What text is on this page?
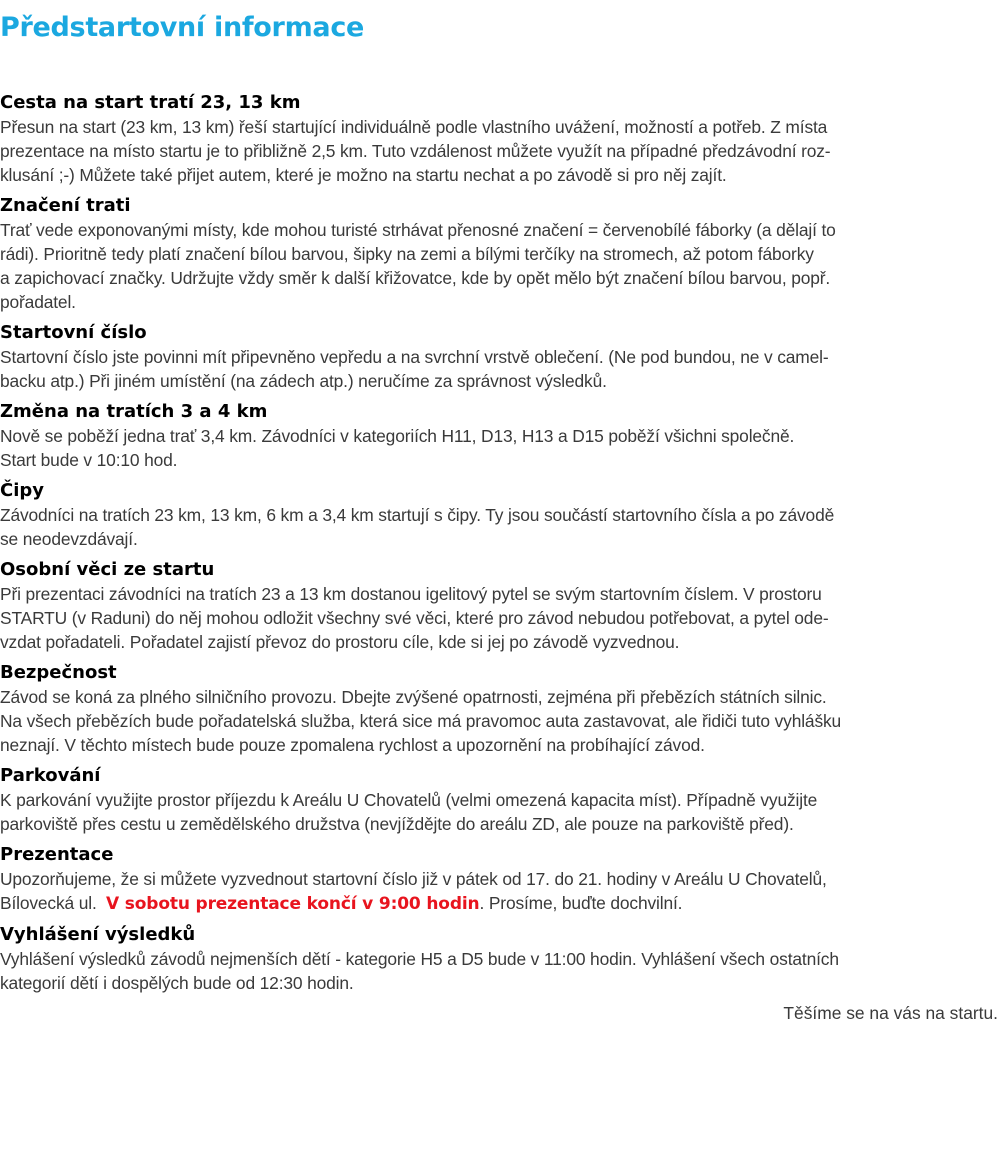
Předstartovní informace
Cesta na start tratí 23, 13 km
Přesun na start (23 km, 13 km) řeší startující individuálně podle vlastního uvážení, možností a potřeb. Z místa
prezentace na místo startu je to přibližně 2,5 km. Tuto vzdálenost můžete využít na případné předzávodní roz-
klusání ;-) Můžete také přijet autem, které je možno na startu nechat a po závodě si pro něj zajít.
Značení trati
Trať vede exponovanými místy, kde mohou turisté strhávat přenosné značení = červenobílé fáborky (a dělají to
rádi). Prioritně tedy platí značení bílou barvou, šipky na zemi a bílými terčíky na stromech, až potom fáborky
a zapichovací značky. Udržujte vždy směr k další křižovatce, kde by opět mělo být značení bílou barvou, popř.
pořadatel.
Startovní číslo
Startovní číslo jste povinni mít připevněno vepředu a na svrchní vrstvě oblečení. (Ne pod bundou, ne v camel-
backu atp.) Při jiném umístění (na zádech atp.) neručíme za správnost výsledků.
Změna na tratích 3 a 4 km
Nově se poběží jedna trať 3,4 km. Závodníci v kategoriích H11, D13, H13 a D15 poběží všichni společně.
Start bude v 10:10 hod.
Čipy
Závodníci na tratích 23 km, 13 km, 6 km a 3,4 km startují s čipy. Ty jsou součástí startovního čísla a po závodě
se neodevzdávají.
Osobní věci ze startu
Při prezentaci závodníci na tratích 23 a 13 km dostanou igelitový pytel se svým startovním číslem. V prostoru
STARTU (v Raduni) do něj mohou odložit všechny své věci, které pro závod nebudou potřebovat, a pytel ode-
vzdat pořadateli. Pořadatel zajistí převoz do prostoru cíle, kde si jej po závodě vyzvednou.
Bezpečnost
Závod se koná za plného silničního provozu. Dbejte zvýšené opatrnosti, zejména při přebězích státních silnic.
Na všech přebězích bude pořadatelská služba, která sice má pravomoc auta zastavovat, ale řidiči tuto vyhlášku
neznají. V těchto místech bude pouze zpomalena rychlost a upozornění na probíhající závod.
Parkování
K parkování využijte prostor příjezdu k Areálu U Chovatelů (velmi omezená kapacita míst). Případně využijte
parkoviště přes cestu u zemědělského družstva (nevjíždějte do areálu ZD, ale pouze na parkoviště před).
Prezentace
Upozorňujeme, že si můžete vyzvednout startovní číslo již v pátek od 17. do 21. hodiny v Areálu U Chovatelů,
Bílovecká ul. V sobotu prezentace končí v 9:00 hodin. Prosíme, buďte dochvilní.
Vyhlášení výsledků
Vyhlášení výsledků závodů nejmenších dětí - kategorie H5 a D5 bude v 11:00 hodin. Vyhlášení všech ostatních
kategorií dětí i dospělých bude od 12:30 hodin.

Těšíme se na vás na startu.
